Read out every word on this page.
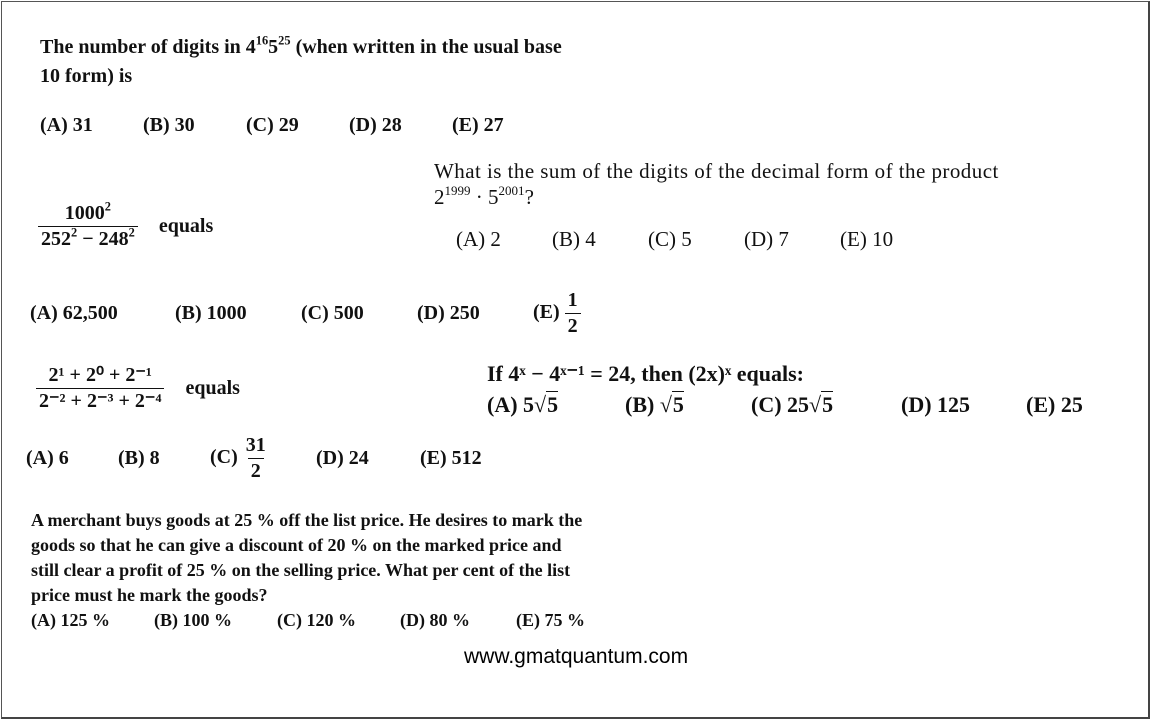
The number of digits in $4^{16}5^{25}$ (when written in the usual base
10 form) is
(A) 31	(B) 30	(C) 29	(D) 28	(E) 27
What is the sum of the digits of the decimal form of the product
$2^{1999} \cdot 5^{2001}$?
(A) 2 (B) 4 (C) 5 (D) 7 (E) 10
$\frac{1000^2}{252^2 - 248^2}$ equals
(A) 62,500	(B) 1000	(C) 500	(D) 250	$(E) \frac{1}{2}$
$\frac{\text{2¹ + 2⁰ + 2⁻¹}}{\text{2⁻² + 2⁻³ + 2⁻⁴}}$ equals
(A) 6 (B) 8	$(C) \frac{31}{2} (D)$ 24	(E) 512
If 4ˣ − 4ˣ⁻¹ = 24, then (2x)ˣ equals:
(A) 5√5	(B) √5	(C) 25√5	(D) 125	(E) 25
A merchant buys goods at 25 % off the list price. He desires to mark the
goods so that he can give a discount of 20 % on the marked price and
still clear a profit of 25 % on the selling price. What per cent of the list
price must he mark the goods?
(A) 125 % (B) 100 %	(C) 120 % (D) 80 %	(E) 75 %
www.gmatquantum.com
